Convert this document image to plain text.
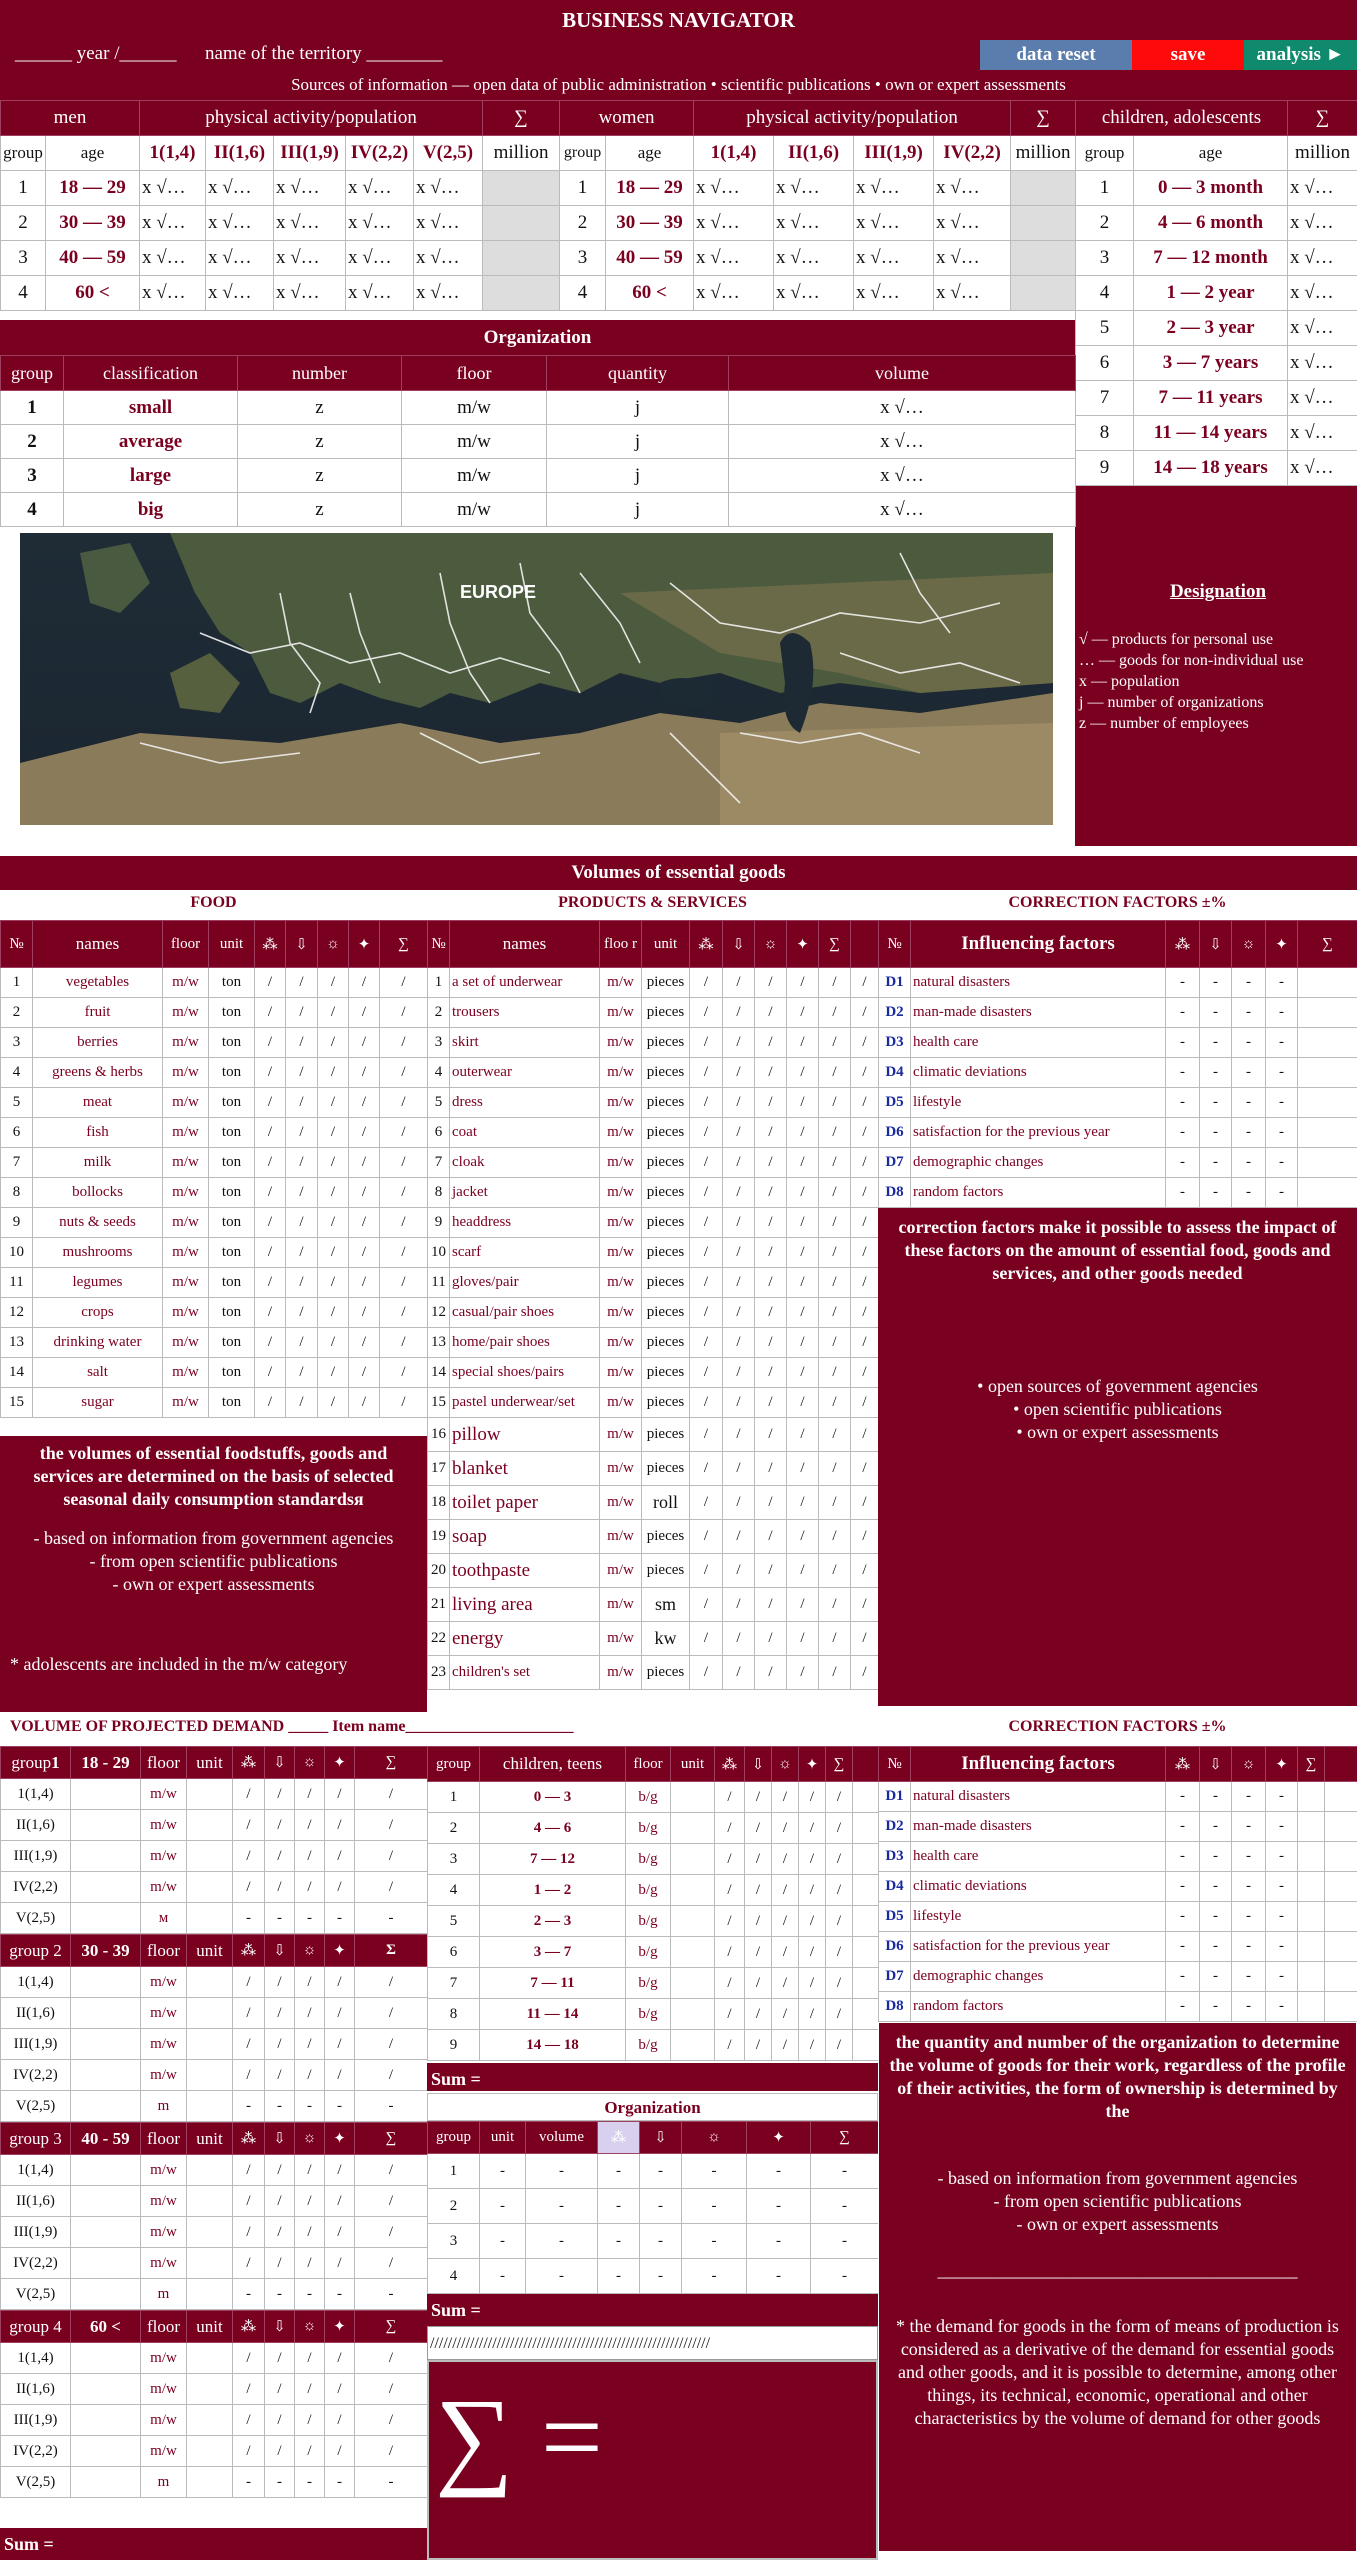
BUSINESS NAVIGATOR
______ year /______ name of the territory ________	data reset	save	analysis ►
Sources of information — open data of public administration • scientific publications • own or expert assessments
men		physical activity/population					∑	women		physical activity/population				∑
group	age	1(1,4)	II(1,6)	III(1,9)	IV(2,2)	V(2,5)	million	group	age	1(1,4)	II(1,6)	III(1,9)	IV(2,2)	million
1	18 — 29	x √…	x √…	x √…	x √…	x √…		1	18 — 29	x √…	x √…	x √…	x √…	
2	30 — 39	x √…	x √…	x √…	x √…	x √…		2	30 — 39	x √…	x √…	x √…	x √…	
3	40 — 59	x √…	x √…	x √…	x √…	x √…		3	40 — 59	x √…	x √…	x √…	x √…	
4	60 <	x √…	x √…	x √…	x √…	x √…		4	60 <	x √…	x √…	x √…	x √…	
children, adolescents		∑
group	age	million
1	0 — 3 month	x √…
2	4 — 6 month	x √…
3	7 — 12 month	x √…
4	1 — 2 year	x √…
5	2 — 3 year	x √…
6	3 — 7 years	x √…
7	7 — 11 years	x √…
8	11 — 14 years	x √…
9	14 — 18 years	x √…
Designation
√ — products for personal use
… — goods for non-individual use
x — population
j — number of organizations
z — number of employees
Organization
group	classification	number	floor	quantity	volume
1	small	z	m/w	j	x √…
2	average	z	m/w	j	x √…
3	large	z	m/w	j	x √…
4	big	z	m/w	j	x √…
EUROPE
Volumes of essential goods
FOOD	PRODUCTS & SERVICES	CORRECTION FACTORS ±%
№	names	floor	unit	⁂	⇩	☼	✦	∑
1	vegetables	m/w	ton	/	/	/	/	/
2	fruit	m/w	ton	/	/	/	/	/
3	berries	m/w	ton	/	/	/	/	/
4	greens & herbs	m/w	ton	/	/	/	/	/
5	meat	m/w	ton	/	/	/	/	/
6	fish	m/w	ton	/	/	/	/	/
7	milk	m/w	ton	/	/	/	/	/
8	bollocks	m/w	ton	/	/	/	/	/
9	nuts & seeds	m/w	ton	/	/	/	/	/
10	mushrooms	m/w	ton	/	/	/	/	/
11	legumes	m/w	ton	/	/	/	/	/
12	crops	m/w	ton	/	/	/	/	/
13	drinking water	m/w	ton	/	/	/	/	/
14	salt	m/w	ton	/	/	/	/	/
15	sugar	m/w	ton	/	/	/	/	/
the volumes of essential foodstuffs, goods and services are determined on the basis of selected seasonal daily consumption standardsя
- based on information from government agencies
- from open scientific publications
- own or expert assessments
* adolescents are included in the m/w category
№	names	floo r	unit	⁂	⇩	☼	✦	∑	
1	a set of underwear	m/w	pieces	/	/	/	/	/	/
2	trousers	m/w	pieces	/	/	/	/	/	/
3	skirt	m/w	pieces	/	/	/	/	/	/
4	outerwear	m/w	pieces	/	/	/	/	/	/
5	dress	m/w	pieces	/	/	/	/	/	/
6	coat	m/w	pieces	/	/	/	/	/	/
7	cloak	m/w	pieces	/	/	/	/	/	/
8	jacket	m/w	pieces	/	/	/	/	/	/
9	headdress	m/w	pieces	/	/	/	/	/	/
10	scarf	m/w	pieces	/	/	/	/	/	/
11	gloves/pair	m/w	pieces	/	/	/	/	/	/
12	casual/pair shoes	m/w	pieces	/	/	/	/	/	/
13	home/pair shoes	m/w	pieces	/	/	/	/	/	/
14	special shoes/pairs	m/w	pieces	/	/	/	/	/	/
15	pastel underwear/set	m/w	pieces	/	/	/	/	/	/
16	pillow	m/w	pieces	/	/	/	/	/	/
17	blanket	m/w	pieces	/	/	/	/	/	/
18	toilet paper	m/w	roll	/	/	/	/	/	/
19	soap	m/w	pieces	/	/	/	/	/	/
20	toothpaste	m/w	pieces	/	/	/	/	/	/
21	living area	m/w	sm	/	/	/	/	/	/
22	energy	m/w	kw	/	/	/	/	/	/
23	children's set	m/w	pieces	/	/	/	/	/	/
№	Influencing factors	⁂	⇩	☼	✦	∑
D1	natural disasters	-	-	-	-	
D2	man-made disasters	-	-	-	-	
D3	health care	-	-	-	-	
D4	climatic deviations	-	-	-	-	
D5	lifestyle	-	-	-	-	
D6	satisfaction for the previous year	-	-	-	-	
D7	demographic changes	-	-	-	-	
D8	random factors	-	-	-	-	
correction factors make it possible to assess the impact of these factors on the amount of essential food, goods and services, and other goods needed
• open sources of government agencies
• open scientific publications
• own or expert assessments
VOLUME OF PROJECTED DEMAND _____ Item name_____________________	CORRECTION FACTORS ±%
group1	18 - 29	floor	unit	⁂	⇩	☼	✦	∑
1(1,4)		m/w		/	/	/	/	/
II(1,6)		m/w		/	/	/	/	/
III(1,9)		m/w		/	/	/	/	/
IV(2,2)		m/w		/	/	/	/	/
V(2,5)		м		-	-	-	-	-
group 2	30 - 39	floor	unit	⁂	⇩	☼	✦	Σ
1(1,4)		m/w		/	/	/	/	/
II(1,6)		m/w		/	/	/	/	/
III(1,9)		m/w		/	/	/	/	/
IV(2,2)		m/w		/	/	/	/	/
V(2,5)		m		-	-	-	-	-
group 3	40 - 59	floor	unit	⁂	⇩	☼	✦	∑
1(1,4)		m/w		/	/	/	/	/
II(1,6)		m/w		/	/	/	/	/
III(1,9)		m/w		/	/	/	/	/
IV(2,2)		m/w		/	/	/	/	/
V(2,5)		m		-	-	-	-	-
group 4	60 <	floor	unit	⁂	⇩	☼	✦	∑
1(1,4)		m/w		/	/	/	/	/
II(1,6)		m/w		/	/	/	/	/
III(1,9)		m/w		/	/	/	/	/
IV(2,2)		m/w		/	/	/	/	/
V(2,5)		m		-	-	-	-	-
Sum =
group	children, teens	floor	unit	⁂	⇩	☼	✦	∑	
1	0 — 3	b/g		/	/	/	/	/	
2	4 — 6	b/g		/	/	/	/	/	
3	7 — 12	b/g		/	/	/	/	/	
4	1 — 2	b/g		/	/	/	/	/	
5	2 — 3	b/g		/	/	/	/	/	
6	3 — 7	b/g		/	/	/	/	/	
7	7 — 11	b/g		/	/	/	/	/	
8	11 — 14	b/g		/	/	/	/	/	
9	14 — 18	b/g		/	/	/	/	/	
Sum =
Organization
group	unit	volume	⁂	⇩	☼	✦	∑
1	-	-	-	-	-	-	-
2	-	-	-	-	-	-	-
3	-	-	-	-	-	-	-
4	-	-	-	-	-	-	-
Sum =
///////////////////////////////////////////////////////////////
∑ =
№	Influencing factors	⁂	⇩	☼	✦	∑	
D1	natural disasters	-	-	-	-		
D2	man-made disasters	-	-	-	-		
D3	health care	-	-	-	-		
D4	climatic deviations	-	-	-	-		
D5	lifestyle	-	-	-	-		
D6	satisfaction for the previous year	-	-	-	-		
D7	demographic changes	-	-	-	-		
D8	random factors	-	-	-	-		
the quantity and number of the organization to determine the volume of goods for their work, regardless of the profile of their activities, the form of ownership is determined by the
- based on information from government agencies
- from open scientific publications
- own or expert assessments
________________________________________
* the demand for goods in the form of means of production is considered as a derivative of the demand for essential goods and other goods, and it is possible to determine, among other things, its technical, economic, operational and other characteristics by the volume of demand for other goods
